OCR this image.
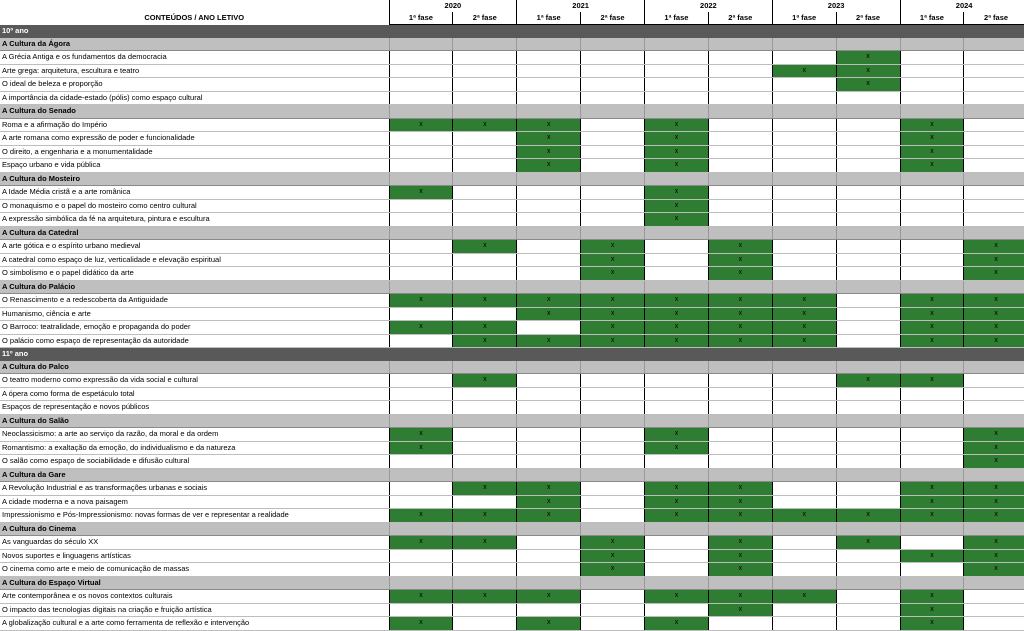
	2020		2021		2022		2023		2024	
CONTEÚDOS / ANO LETIVO	1ª fase	2ª fase	1ª fase	2ª fase	1ª fase	2ª fase	1ª fase	2ª fase	1ª fase	2ª fase
10º ano										
A Cultura da Ágora										
A Grécia Antiga e os fundamentos da democracia								x		
Arte grega: arquitetura, escultura e teatro							x	x		
O ideal de beleza e proporção								x		
A importância da cidade-estado (pólis) como espaço cultural										
A Cultura do Senado										
Roma e a afirmação do Império	x	x	x		x				x	
A arte romana como expressão de poder e funcionalidade			x		x				x	
O direito, a engenharia e a monumentalidade			x		x				x	
Espaço urbano e vida pública			x		x				x	
A Cultura do Mosteiro										
A Idade Média cristã e a arte românica	x				x					
O monaquismo e o papel do mosteiro como centro cultural					x					
A expressão simbólica da fé na arquitetura, pintura e escultura					x					
A Cultura da Catedral										
A arte gótica e o espírito urbano medieval		x		x		x				x
A catedral como espaço de luz, verticalidade e elevação espiritual				x		x				x
O simbolismo e o papel didático da arte				x		x				x
A Cultura do Palácio										
O Renascimento e a redescoberta da Antiguidade	x	x	x	x	x	x	x		x	x
Humanismo, ciência e arte			x	x	x	x	x		x	x
O Barroco: teatralidade, emoção e propaganda do poder	x	x		x	x	x	x		x	x
O palácio como espaço de representação da autoridade		x	x	x	x	x	x		x	x
11º ano										
A Cultura do Palco										
O teatro moderno como expressão da vida social e cultural		x						x	x	
A ópera como forma de espetáculo total										
Espaços de representação e novos públicos										
A Cultura do Salão										
Neoclassicismo: a arte ao serviço da razão, da moral e da ordem	x				x					x
Romantismo: a exaltação da emoção, do individualismo e da natureza	x				x					x
O salão como espaço de sociabilidade e difusão cultural										x
A Cultura da Gare										
A Revolução Industrial e as transformações urbanas e sociais		x	x		x	x			x	x
A cidade moderna e a nova paisagem			x		x	x			x	x
Impressionismo e Pós-Impressionismo: novas formas de ver e representar a realidade	x	x	x		x	x	x	x	x	x
A Cultura do Cinema										
As vanguardas do século XX	x	x		x		x		x		x
Novos suportes e linguagens artísticas				x		x			x	x
O cinema como arte e meio de comunicação de massas				x		x				x
A Cultura do Espaço Virtual										
Arte contemporânea e os novos contextos culturais	x	x	x		x	x	x		x	
O impacto das tecnologias digitais na criação e fruição artística						x			x	
A globalização cultural e a arte como ferramenta de reflexão e intervenção	x		x		x				x	
